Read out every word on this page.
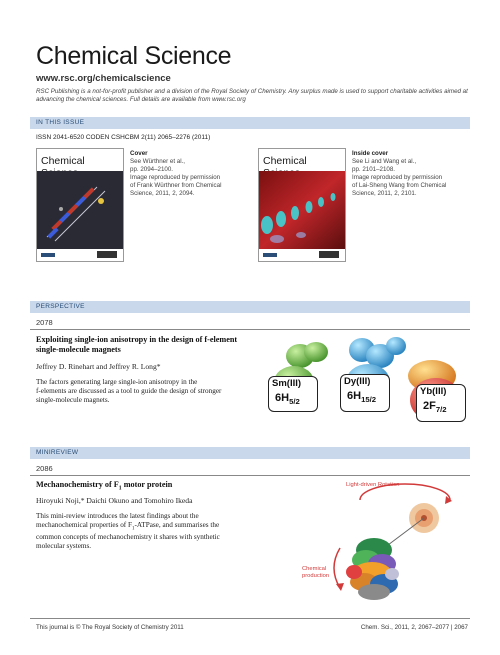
Chemical Science
www.rsc.org/chemicalscience
RSC Publishing is a not-for-profit publisher and a division of the Royal Society of Chemistry. Any surplus made is used to support charitable activities aimed at advancing the chemical sciences. Full details are available from www.rsc.org
IN THIS ISSUE
ISSN 2041-6520 CODEN CSHCBM 2(11) 2065–2276 (2011)
Chemical
Cover
See Würthner et al.,
pp. 2094–2100.
Image reproduced by permission
of Frank Würthner from Chemical
Science, 2011, 2, 2094.
Chemical
Inside cover
See Li and Wang et al.,
pp. 2101–2108.
Image reproduced by permission
of Lai-Sheng Wang from Chemical
Science, 2011, 2, 2101.
PERSPECTIVE
2078
Exploiting single-ion anisotropy in the design of f-element
single-molecule magnets
Jeffrey D. Rinehart and Jeffrey R. Long*
The factors generating large single-ion anisotropy in the
f-elements are discussed as a tool to guide the design of stronger
single-molecule magnets.
Sm(III)
$6H_{5/2}$
Dy(III)
$6H_{15/2}$
Yb(III)
$2F_{7/2}$
MINIREVIEW
2086
Mechanochemistry of $F_1$ motor protein
Hiroyuki Noji,* Daichi Okuno and Tomohiro Ikeda
This mini-review introduces the latest findings about the
mechanochemical properties of $F_1$-ATPase, and summarises the
common concepts of mechanochemistry it shares with synthetic
molecular systems.
Light-driven Rotation
Chemical
production
This journal is © The Royal Society of Chemistry 2011	Chem. Sci., 2011, 2, 2067–2077 | 2067
